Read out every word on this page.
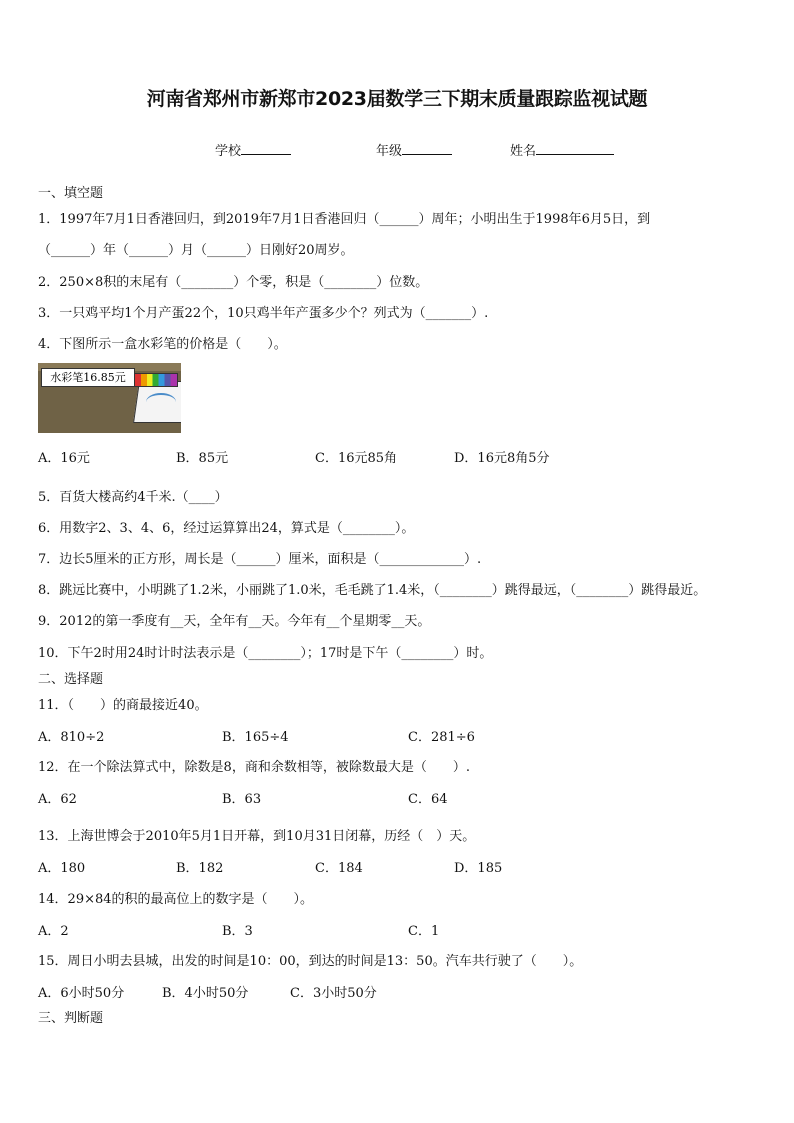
河南省郑州市新郑市2023届数学三下期末质量跟踪监视试题
学校	年级	姓名
一、填空题
1．1997年7月1日香港回归，到2019年7月1日香港回归（______）周年；小明出生于1998年6月5日，到
（______）年（______）月（______）日刚好20周岁。
2．250×8积的末尾有（________）个零，积是（________）位数。
3．一只鸡平均1个月产蛋22个，10只鸡半年产蛋多少个？列式为（_______）.
4．下图所示一盒水彩笔的价格是（　　）。
水彩笔16.85元
A．16元	B．85元	C．16元85角	D．16元8角5分
5．百货大楼高约4千米.（____）
6．用数字2、3、4、6，经过运算算出24，算式是（________）。
7．边长5厘米的正方形，周长是（______）厘米，面积是（_____________）.
8．跳远比赛中，小明跳了1.2米，小丽跳了1.0米，毛毛跳了1.4米，（________）跳得最远，（________）跳得最近。
9．2012的第一季度有__天，全年有__天。今年有__个星期零__天。
10．下午2时用24时计时法表示是（________）；17时是下午（________）时。
二、选择题
11．（　　）的商最接近40。
A．810÷2	B．165÷4	C．281÷6
12．在一个除法算式中，除数是8，商和余数相等，被除数最大是（　　）.
A．62	B．63	C．64
13．上海世博会于2010年5月1日开幕，到10月31日闭幕，历经（　）天。
A．180	B．182	C．184	D．185
14．29×84的积的最高位上的数字是（　　）。
A．2	B．3	C．1
15．周日小明去县城，出发的时间是10：00，到达的时间是13：50。汽车共行驶了（　　）。
A．6小时50分	B．4小时50分	C．3小时50分
三、判断题
